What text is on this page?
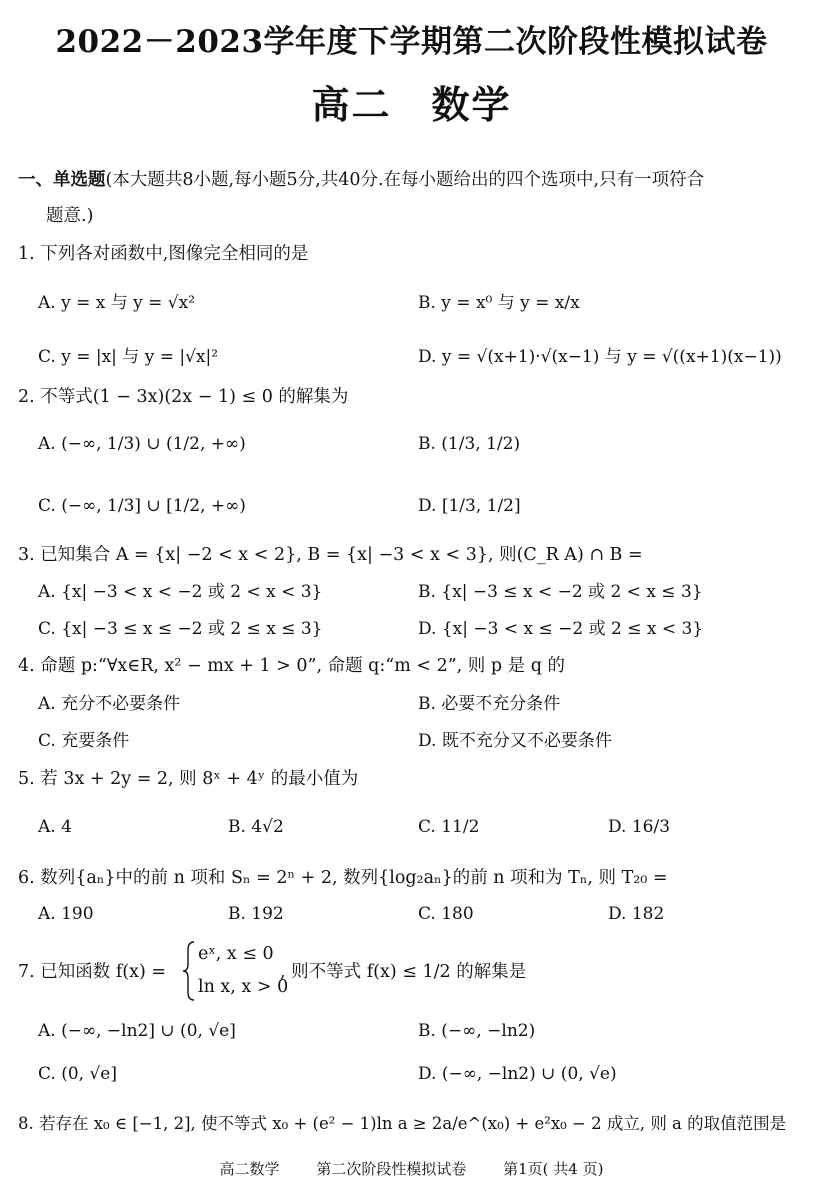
2022－2023学年度下学期第二次阶段性模拟试卷
高二　数学
一、单选题(本大题共8小题,每小题5分,共40分.在每小题给出的四个选项中,只有一项符合
题意.)
1. 下列各对函数中,图像完全相同的是
A. y = x 与 y = √x²	B. y = x⁰ 与 y = x/x
C. y = |x| 与 y = |√x|²	D. y = √(x+1)·√(x−1) 与 y = √((x+1)(x−1))
2. 不等式(1 − 3x)(2x − 1) ≤ 0 的解集为
A. (−∞, 1/3) ∪ (1/2, +∞)	B. (1/3, 1/2)
C. (−∞, 1/3] ∪ [1/2, +∞)	D. [1/3, 1/2]
3. 已知集合 A = {x| −2 < x < 2}, B = {x| −3 < x < 3}, 则(C_R A) ∩ B =
A. {x| −3 < x < −2 或 2 < x < 3}	B. {x| −3 ≤ x < −2 或 2 < x ≤ 3}
C. {x| −3 ≤ x ≤ −2 或 2 ≤ x ≤ 3}	D. {x| −3 < x ≤ −2 或 2 ≤ x < 3}
4. 命题 p:“∀x∈R, x² − mx + 1 > 0”, 命题 q:“m < 2”, 则 p 是 q 的
A. 充分不必要条件	B. 必要不充分条件
C. 充要条件	D. 既不充分又不必要条件
5. 若 3x + 2y = 2, 则 8ˣ + 4ʸ 的最小值为
A. 4	B. 4√2	C. 11/2	D. 16/3
6. 数列{aₙ}中的前 n 项和 Sₙ = 2ⁿ + 2, 数列{log₂aₙ}的前 n 项和为 Tₙ, 则 T₂₀ =
A. 190	B. 192	C. 180	D. 182
7. 已知函数 f(x) =
eˣ, x ≤ 0
ln x, x > 0
, 则不等式 f(x) ≤ 1/2 的解集是
A. (−∞, −ln2] ∪ (0, √e]	B. (−∞, −ln2)
C. (0, √e]	D. (−∞, −ln2) ∪ (0, √e)
8. 若存在 x₀ ∈ [−1, 2], 使不等式 x₀ + (e² − 1)ln a ≥ 2a/e^(x₀) + e²x₀ − 2 成立, 则 a 的取值范围是
高二数学 第二次阶段性模拟试卷 第1页( 共4 页)
